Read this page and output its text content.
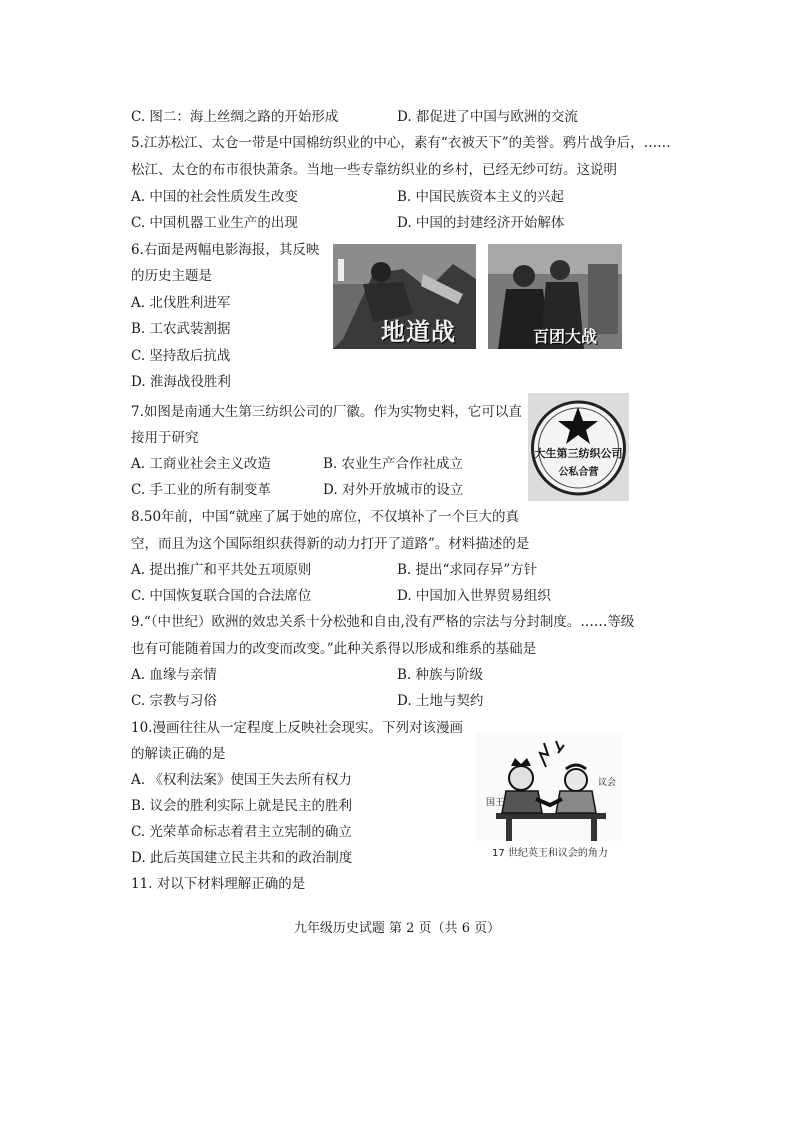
C. 图二：海上丝绸之路的开始形成	D. 都促进了中国与欧洲的交流
5.江苏松江、太仓一带是中国棉纺织业的中心，素有“衣被天下”的美誉。鸦片战争后，……
松江、太仓的布市很快萧条。当地一些专靠纺织业的乡村，已经无纱可纺。这说明
A. 中国的社会性质发生改变	B. 中国民族资本主义的兴起
C. 中国机器工业生产的出现	D. 中国的封建经济开始解体
6.右面是两幅电影海报，其反映
的历史主题是
A. 北伐胜利进军
B. 工农武装割据
C. 坚持敌后抗战
D. 淮海战役胜利
地道战	百团大战
7.如图是南通大生第三纺织公司的厂徽。作为实物史料，它可以直
接用于研究
A. 工商业社会主义改造	B. 农业生产合作社成立
C. 手工业的所有制变革	D. 对外开放城市的设立
大生第三纺织公司
公私合营
8.50年前，中国“就座了属于她的席位，不仅填补了一个巨大的真
空，而且为这个国际组织获得新的动力打开了道路”。材料描述的是
A. 提出推广和平共处五项原则	B. 提出“求同存异”方针
C. 中国恢复联合国的合法席位	D. 中国加入世界贸易组织
9.“（中世纪）欧洲的效忠关系十分松弛和自由,没有严格的宗法与分封制度。……等级
也有可能随着国力的改变而改变。”此种关系得以形成和维系的基础是
A. 血缘与亲情	B. 种族与阶级
C. 宗教与习俗	D. 土地与契约
10.漫画往往从一定程度上反映社会现实。下列对该漫画
的解读正确的是
A. 《权利法案》使国王失去所有权力
B. 议会的胜利实际上就是民主的胜利
C. 光荣革命标志着君主立宪制的确立
D. 此后英国建立民主共和的政治制度
国王
议会
17 世纪英王和议会的角力
11. 对以下材料理解正确的是
九年级历史试题 第 2 页（共 6 页）
